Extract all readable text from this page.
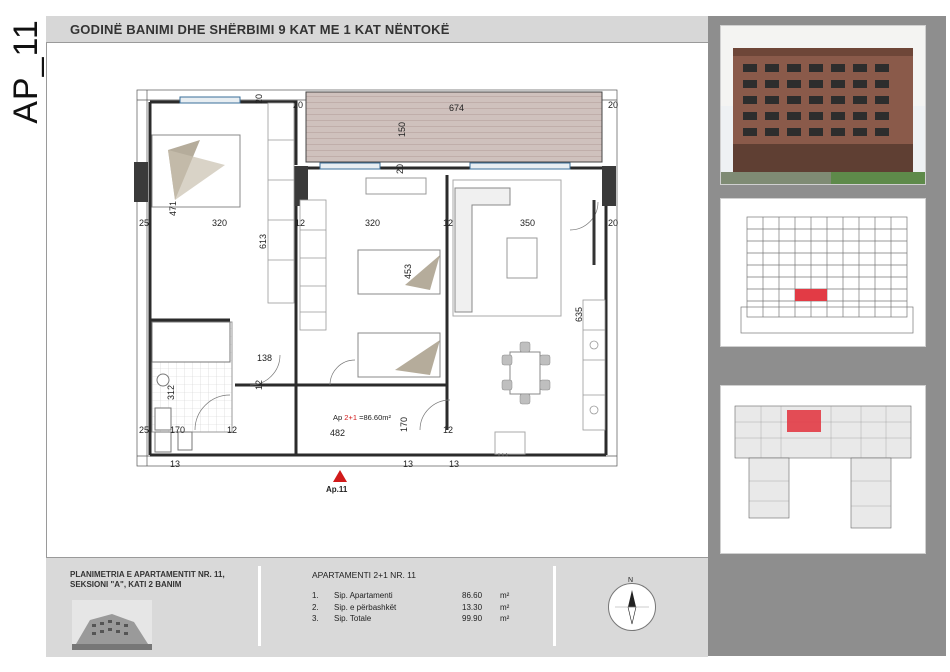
AP_11 GODINË BANIMI DHE SHËRBIMI 9 KAT ME 1 KAT NËNTOKË
674
150
20
20
20
20
20
320	320	350
471
613
453
25
25
12	12
12	12
12
138
312
170	170
482
635
13	13	13
Ap 2+1 =86.60m²
***
Ap.11
PLANIMETRIA E APARTAMENTIT NR. 11,
SEKSIONI "A", KATI 2 BANIM
APARTAMENTI 2+1 NR. 11
1. Sip. Apartamenti	86.60 m²
2. Sip. e përbashkët	13.30 m²
3. Sip. Totale	99.90 m²
N
